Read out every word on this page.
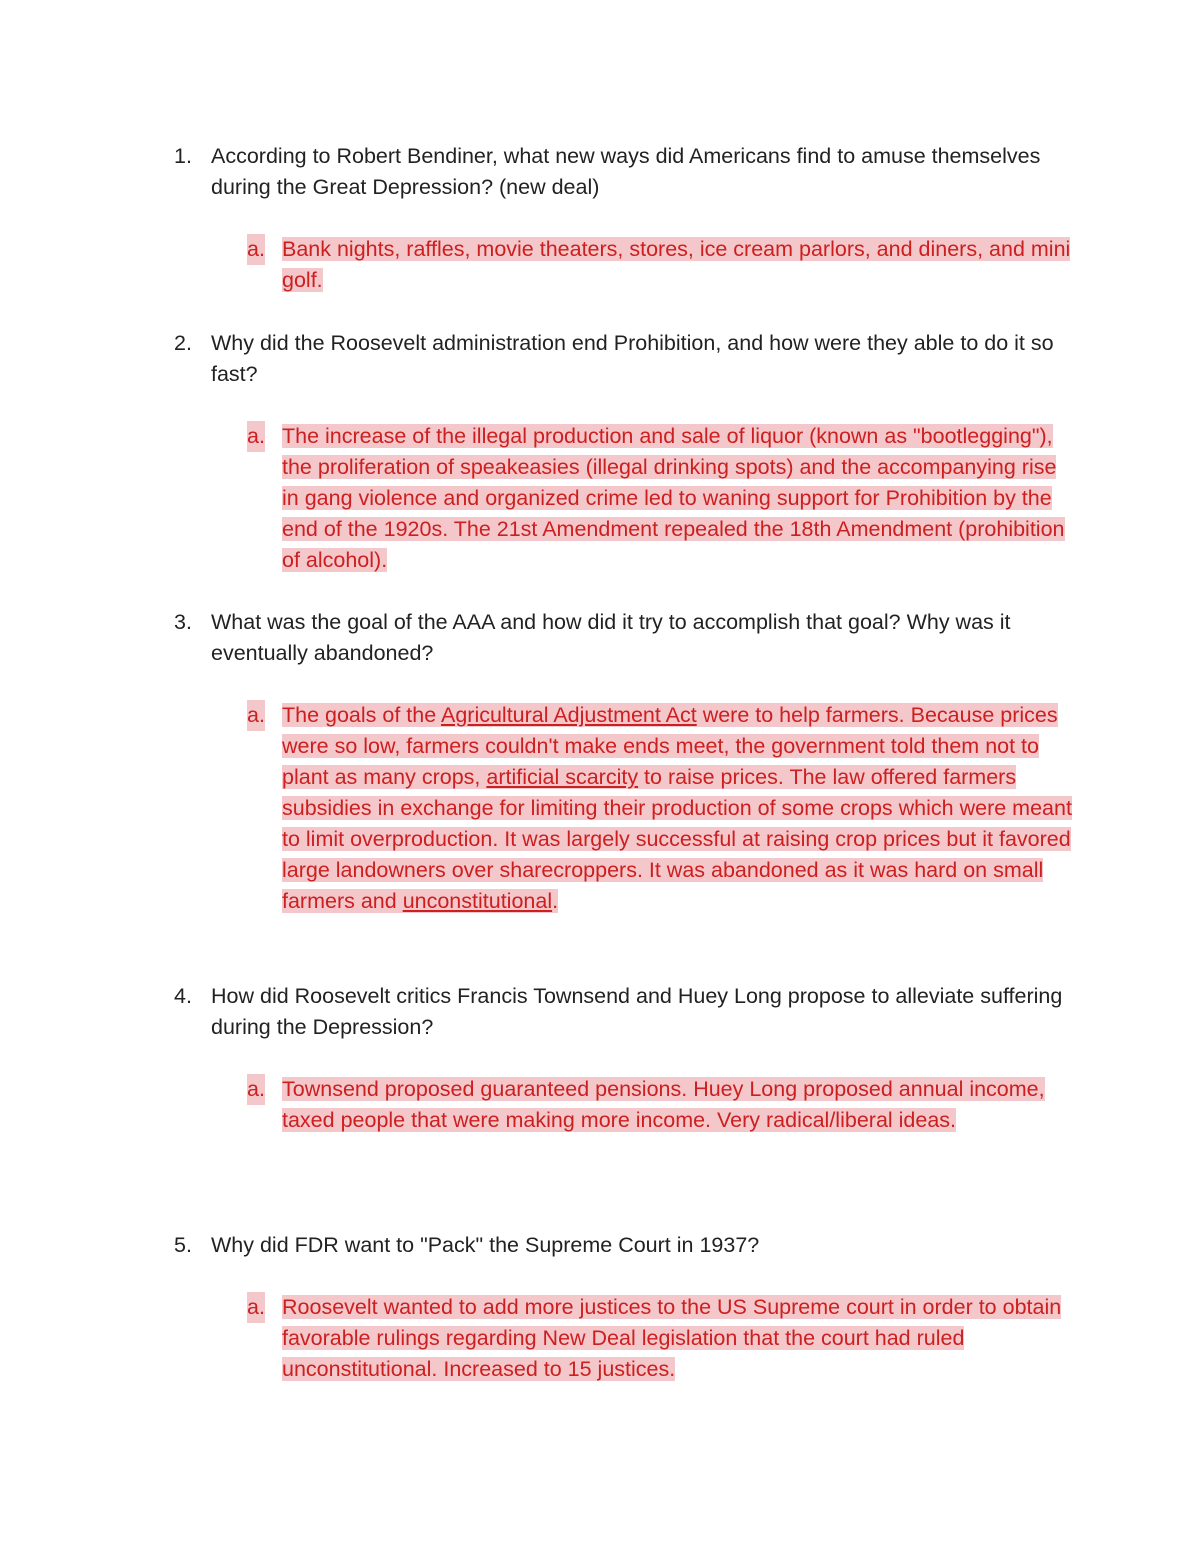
1. According to Robert Bendiner, what new ways did Americans find to amuse themselves during the Great Depression? (new deal)
a. Bank nights, raffles, movie theaters, stores, ice cream parlors, and diners, and mini golf.
2. Why did the Roosevelt administration end Prohibition, and how were they able to do it so fast?
a. The increase of the illegal production and sale of liquor (known as "bootlegging"), the proliferation of speakeasies (illegal drinking spots) and the accompanying rise in gang violence and organized crime led to waning support for Prohibition by the end of the 1920s. The 21st Amendment repealed the 18th Amendment (prohibition of alcohol).
3. What was the goal of the AAA and how did it try to accomplish that goal? Why was it eventually abandoned?
a. The goals of the Agricultural Adjustment Act were to help farmers. Because prices were so low, farmers couldn't make ends meet, the government told them not to plant as many crops, artificial scarcity to raise prices. The law offered farmers subsidies in exchange for limiting their production of some crops which were meant to limit overproduction. It was largely successful at raising crop prices but it favored large landowners over sharecroppers. It was abandoned as it was hard on small farmers and unconstitutional.
4. How did Roosevelt critics Francis Townsend and Huey Long propose to alleviate suffering during the Depression?
a. Townsend proposed guaranteed pensions. Huey Long proposed annual income, taxed people that were making more income. Very radical/liberal ideas.
5. Why did FDR want to "Pack" the Supreme Court in 1937?
a. Roosevelt wanted to add more justices to the US Supreme court in order to obtain favorable rulings regarding New Deal legislation that the court had ruled unconstitutional. Increased to 15 justices.
